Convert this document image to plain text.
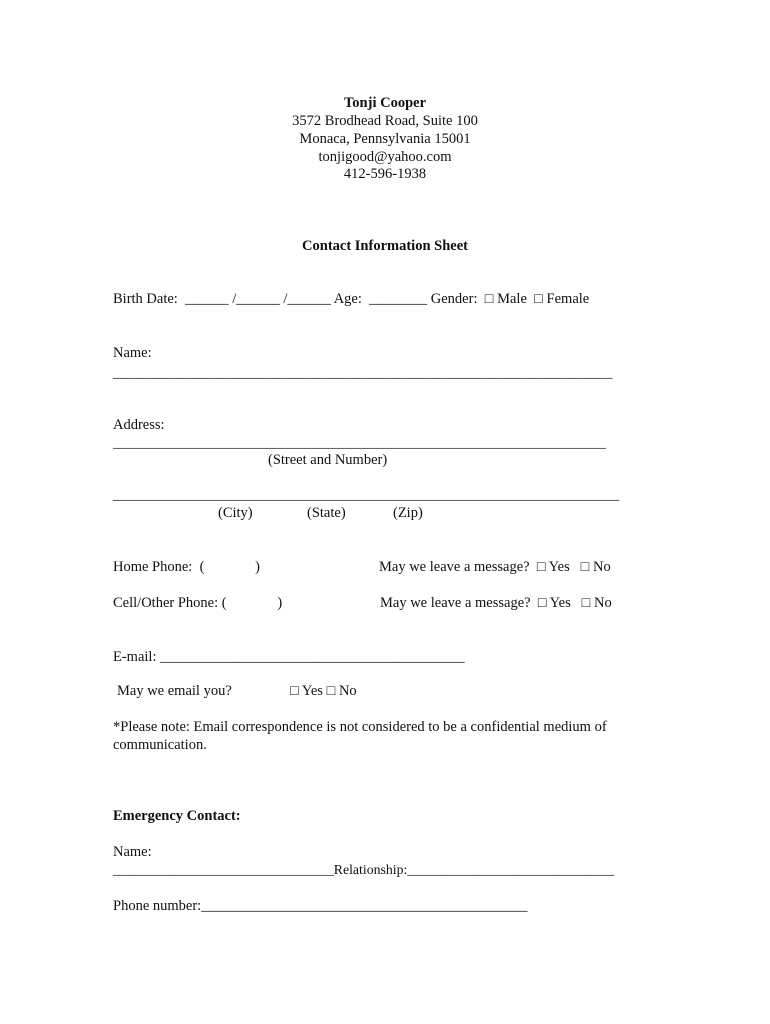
Tonji Cooper
3572 Brodhead Road, Suite 100
Monaca, Pennsylvania 15001
tonjigood@yahoo.com
412-596-1938
Contact Information Sheet
Birth Date:  ______ /______ /______ Age:  ________ Gender:  □ Male  □ Female
Name:
__________________________________________________________________________
Address:
_________________________________________________________________________
(Street and Number)
___________________________________________________________________________
(City)	(State)	(Zip)
Home Phone:  (              )	May we leave a message?  □ Yes   □ No
Cell/Other Phone: (              )	May we leave a message?  □ Yes   □ No
E-mail: __________________________________________
May we email you?	□ Yes □ No
*Please note: Email correspondence is not considered to be a confidential medium of
communication.
Emergency Contact:
Name:
________________________________Relationship:______________________________
Phone number:_____________________________________________
